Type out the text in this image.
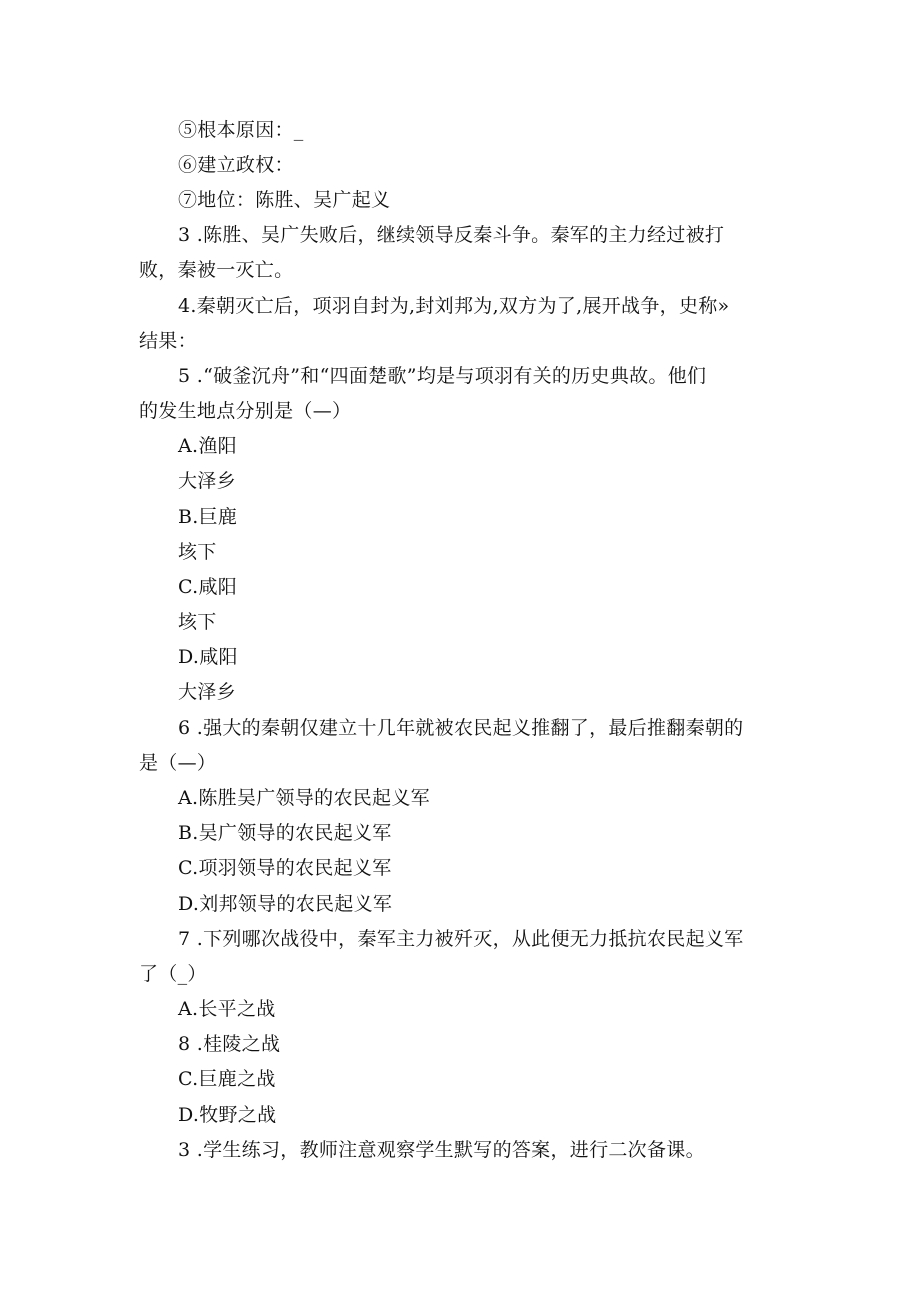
⑤根本原因：_
⑥建立政权：
⑦地位：陈胜、吴广起义
3 .陈胜、吴广失败后，继续领导反秦斗争。秦军的主力经过被打
败，秦被一灭亡。
4.秦朝灭亡后，项羽自封为,封刘邦为,双方为了,展开战争，史称»
结果：
5 .“破釜沉舟”和“四面楚歌”均是与项羽有关的历史典故。他们
的发生地点分别是（—）
A.渔阳
大泽乡
B.巨鹿
垓下
C.咸阳
垓下
D.咸阳
大泽乡
6 .强大的秦朝仅建立十几年就被农民起义推翻了，最后推翻秦朝的
是（—）
A.陈胜吴广领导的农民起义军
B.吴广领导的农民起义军
C.项羽领导的农民起义军
D.刘邦领导的农民起义军
7 .下列哪次战役中，秦军主力被歼灭，从此便无力抵抗农民起义军
了（_）
A.长平之战
8 .桂陵之战
C.巨鹿之战
D.牧野之战
3 .学生练习，教师注意观察学生默写的答案，进行二次备课。
